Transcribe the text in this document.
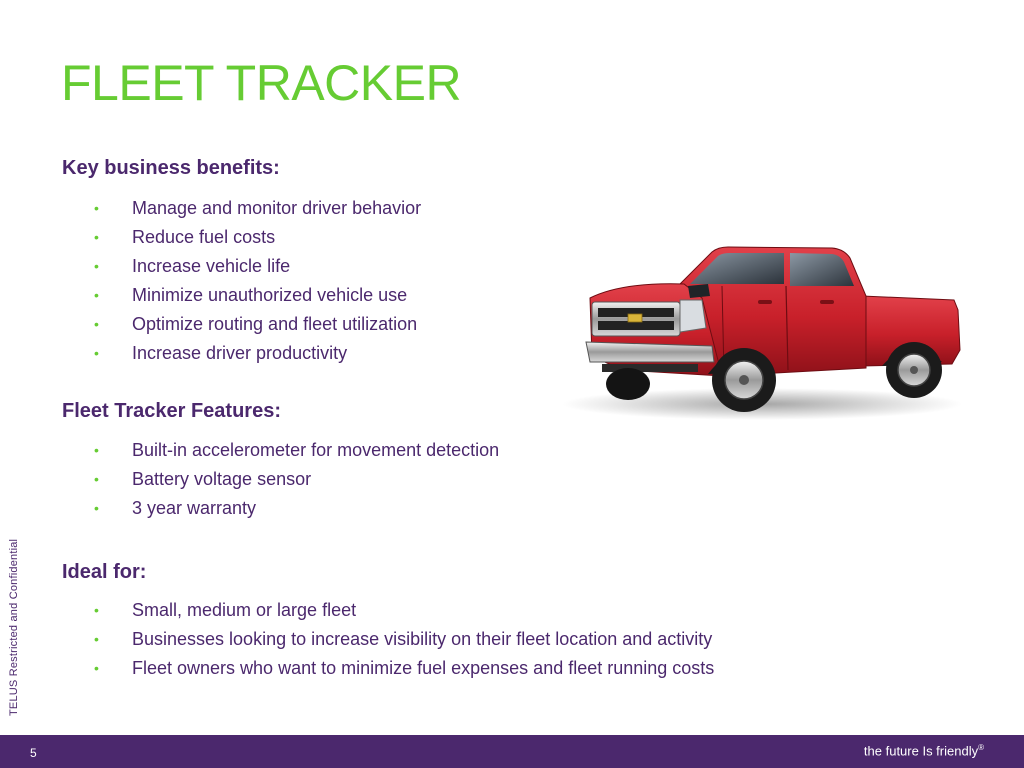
FLEET TRACKER
Key business benefits:
• Manage and monitor driver behavior
• Reduce fuel costs
• Increase vehicle life
• Minimize unauthorized vehicle use
• Optimize routing and fleet utilization
• Increase driver productivity
Fleet Tracker Features:
• Built-in accelerometer for movement detection
• Battery voltage sensor
• 3 year warranty
Ideal for:
• Small, medium or large fleet
• Businesses looking to increase visibility on their fleet location and activity
• Fleet owners who want to minimize fuel expenses and fleet running costs
TELUS Restricted and Confidential
5	the future Is friendly®
